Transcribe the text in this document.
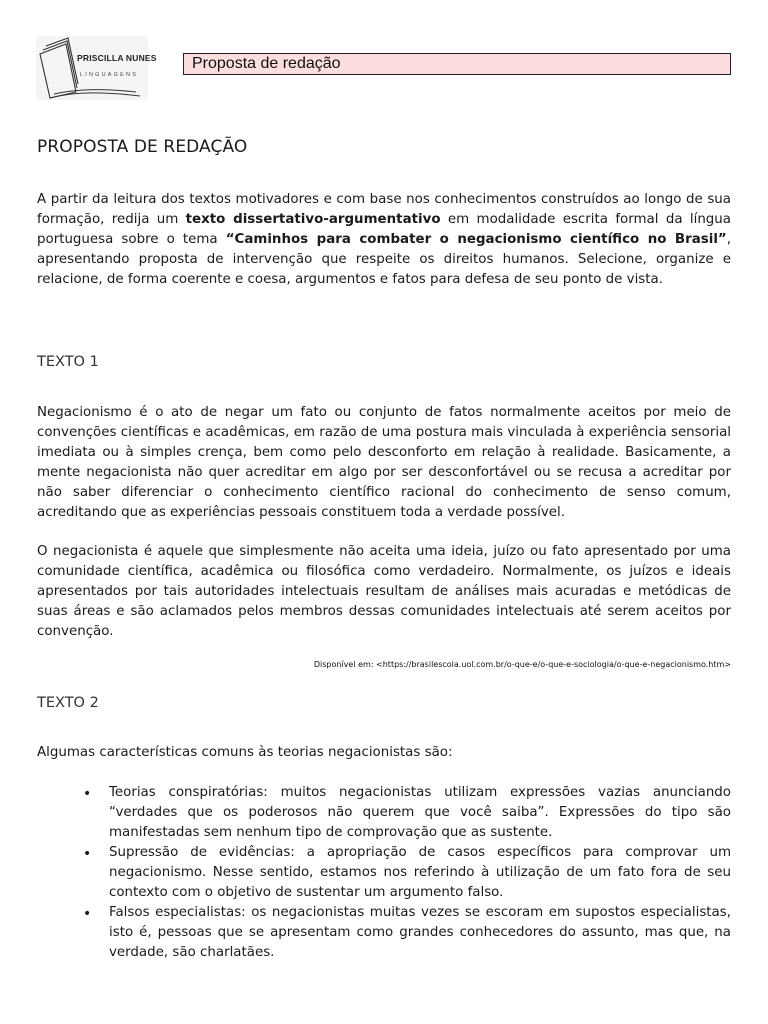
PRISCILLA NUNES
LINGUAGENS
Proposta de redação
PROPOSTA DE REDAÇÃO

A partir da leitura dos textos motivadores e com base nos conhecimentos construídos ao longo de sua formação, redija um texto dissertativo-argumentativo em modalidade escrita formal da língua portuguesa sobre o tema “Caminhos para combater o negacionismo científico no Brasil”, apresentando proposta de intervenção que respeite os direitos humanos. Selecione, organize e relacione, de forma coerente e coesa, argumentos e fatos para defesa de seu ponto de vista.

TEXTO 1

Negacionismo é o ato de negar um fato ou conjunto de fatos normalmente aceitos por meio de convenções científicas e acadêmicas, em razão de uma postura mais vinculada à experiência sensorial imediata ou à simples crença, bem como pelo desconforto em relação à realidade. Basicamente, a mente negacionista não quer acreditar em algo por ser desconfortável ou se recusa a acreditar por não saber diferenciar o conhecimento científico racional do conhecimento de senso comum, acreditando que as experiências pessoais constituem toda a verdade possível.

O negacionista é aquele que simplesmente não aceita uma ideia, juízo ou fato apresentado por uma comunidade científica, acadêmica ou filosófica como verdadeiro. Normalmente, os juízos e ideais apresentados por tais autoridades intelectuais resultam de análises mais acuradas e metódicas de suas áreas e são aclamados pelos membros dessas comunidades intelectuais até serem aceitos por convenção.

Disponível em: <https://brasilescola.uol.com.br/o-que-e/o-que-e-sociologia/o-que-e-negacionismo.htm>
TEXTO 2

Algumas características comuns às teorias negacionistas são:

• Teorias conspiratórias: muitos negacionistas utilizam expressões vazias anunciando “verdades que os poderosos não querem que você saiba”. Expressões do tipo são manifestadas sem nenhum tipo de comprovação que as sustente.
• Supressão de evidências: a apropriação de casos específicos para comprovar um negacionismo. Nesse sentido, estamos nos referindo à utilização de um fato fora de seu contexto com o objetivo de sustentar um argumento falso.
• Falsos especialistas: os negacionistas muitas vezes se escoram em supostos especialistas, isto é, pessoas que se apresentam como grandes conhecedores do assunto, mas que, na verdade, são charlatães.
